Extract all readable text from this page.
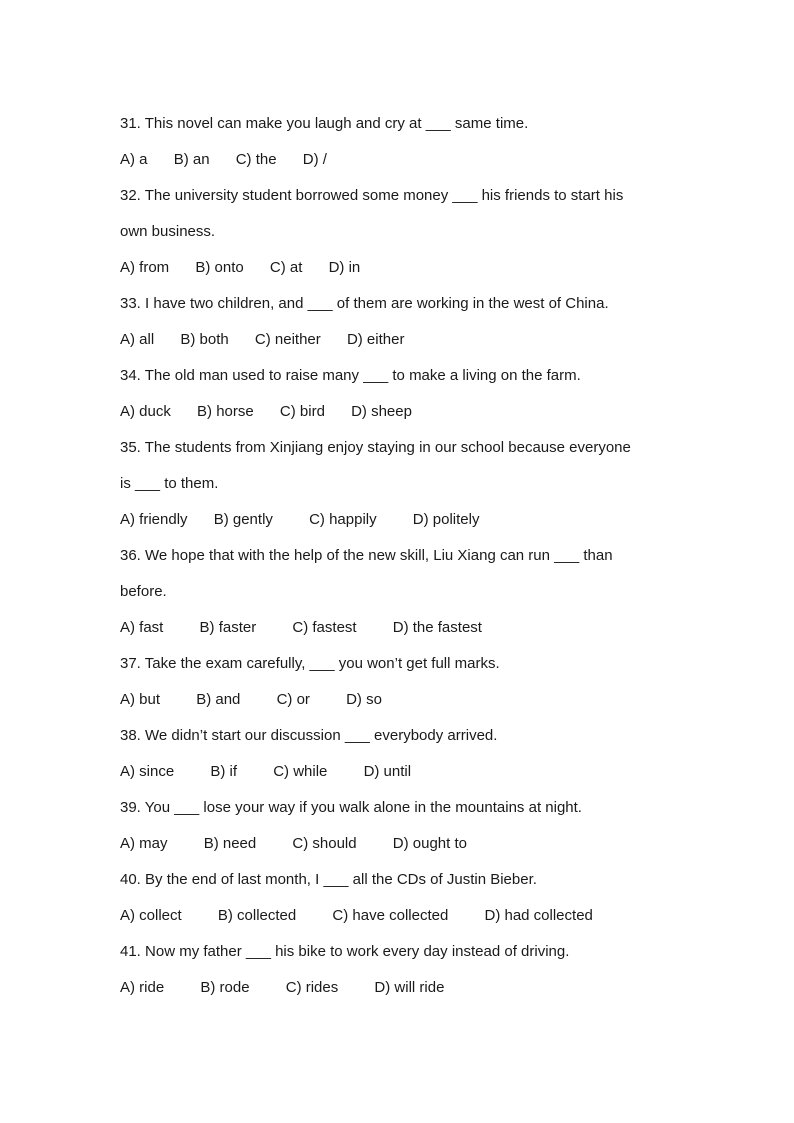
31. This novel can make you laugh and cry at ___ same time.
A) a B) an C) the D) /
32. The university student borrowed some money ___ his friends to start his
own business.
A) from B) onto C) at D) in
33. I have two children, and ___ of them are working in the west of China.
A) all B) both C) neither D) either
34. The old man used to raise many ___ to make a living on the farm.
A) duck B) horse C) bird D) sheep
35. The students from Xinjiang enjoy staying in our school because everyone
is ___ to them.
A) friendly B) gently C) happily D) politely
36. We hope that with the help of the new skill, Liu Xiang can run ___ than
before.
A) fast B) faster C) fastest D) the fastest
37. Take the exam carefully, ___ you won’t get full marks.
A) but B) and C) or D) so
38. We didn’t start our discussion ___ everybody arrived.
A) since B) if C) while D) until
39. You ___ lose your way if you walk alone in the mountains at night.
A) may B) need C) should D) ought to
40. By the end of last month, I ___ all the CDs of Justin Bieber.
A) collect B) collected C) have collected D) had collected
41. Now my father ___ his bike to work every day instead of driving.
A) ride B) rode C) rides D) will ride
